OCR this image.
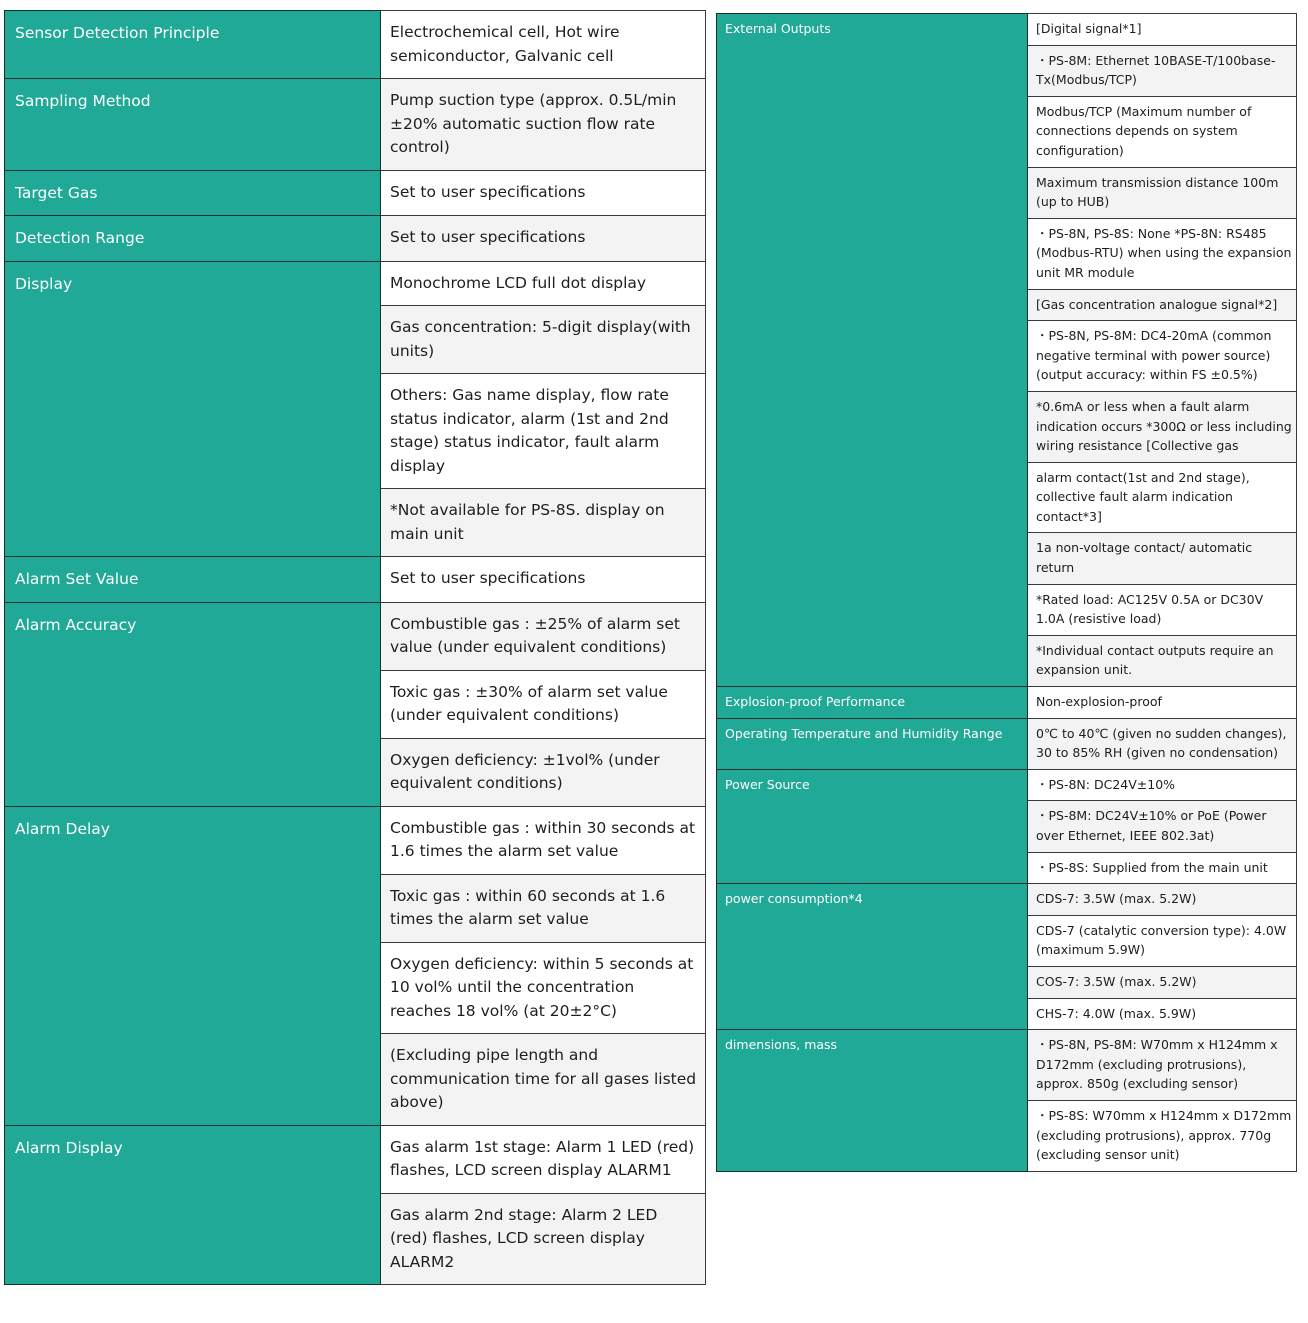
Sensor Detection Principle	Electrochemical cell, Hot wire semiconductor, Galvanic cell
Sampling Method	Pump suction type (approx. 0.5L/min ±20% automatic suction flow rate control)
Target Gas	Set to user specifications
Detection Range	Set to user specifications
Display	Monochrome LCD full dot display
	Gas concentration: 5-digit display(with units)
	Others: Gas name display, flow rate status indicator, alarm (1st and 2nd stage) status indicator, fault alarm display
	*Not available for PS-8S. display on main unit
Alarm Set Value	Set to user specifications
Alarm Accuracy	Combustible gas : ±25% of alarm set value (under equivalent conditions)
	Toxic gas : ±30% of alarm set value (under equivalent conditions)
	Oxygen deficiency: ±1vol% (under equivalent conditions)
Alarm Delay	Combustible gas : within 30 seconds at 1.6 times the alarm set value
	Toxic gas : within 60 seconds at 1.6 times the alarm set value
	Oxygen deficiency: within 5 seconds at 10 vol% until the concentration reaches 18 vol% (at 20±2°C)
	(Excluding pipe length and communication time for all gases listed above)
Alarm Display	Gas alarm 1st stage: Alarm 1 LED (red) flashes, LCD screen display ALARM1
	Gas alarm 2nd stage: Alarm 2 LED (red) flashes, LCD screen display ALARM2
External Outputs	[Digital signal*1]
	・PS-8M: Ethernet 10BASE-T/100base-Tx(Modbus/TCP)
	Modbus/TCP (Maximum number of connections depends on system configuration)
	Maximum transmission distance 100m (up to HUB)
	・PS-8N, PS-8S: None *PS-8N: RS485 (Modbus-RTU) when using the expansion unit MR module
	[Gas concentration analogue signal*2]
	・PS-8N, PS-8M: DC4-20mA (common negative terminal with power source) (output accuracy: within FS ±0.5%)
	*0.6mA or less when a fault alarm indication occurs *300Ω or less including wiring resistance [Collective gas
	alarm contact(1st and 2nd stage), collective fault alarm indication contact*3]
	1a non-voltage contact/ automatic return
	*Rated load: AC125V 0.5A or DC30V 1.0A (resistive load)
	*Individual contact outputs require an expansion unit.
Explosion-proof Performance	Non-explosion-proof
Operating Temperature and Humidity Range	0℃ to 40℃ (given no sudden changes), 30 to 85% RH (given no condensation)
Power Source	・PS-8N: DC24V±10%
	・PS-8M: DC24V±10% or PoE (Power over Ethernet, IEEE 802.3at)
	・PS-8S: Supplied from the main unit
power consumption*4	CDS-7: 3.5W (max. 5.2W)
	CDS-7 (catalytic conversion type): 4.0W (maximum 5.9W)
	COS-7: 3.5W (max. 5.2W)
	CHS-7: 4.0W (max. 5.9W)
dimensions, mass	・PS-8N, PS-8M: W70mm x H124mm x D172mm (excluding protrusions), approx. 850g (excluding sensor)
	・PS-8S: W70mm x H124mm x D172mm (excluding protrusions), approx. 770g (excluding sensor unit)
